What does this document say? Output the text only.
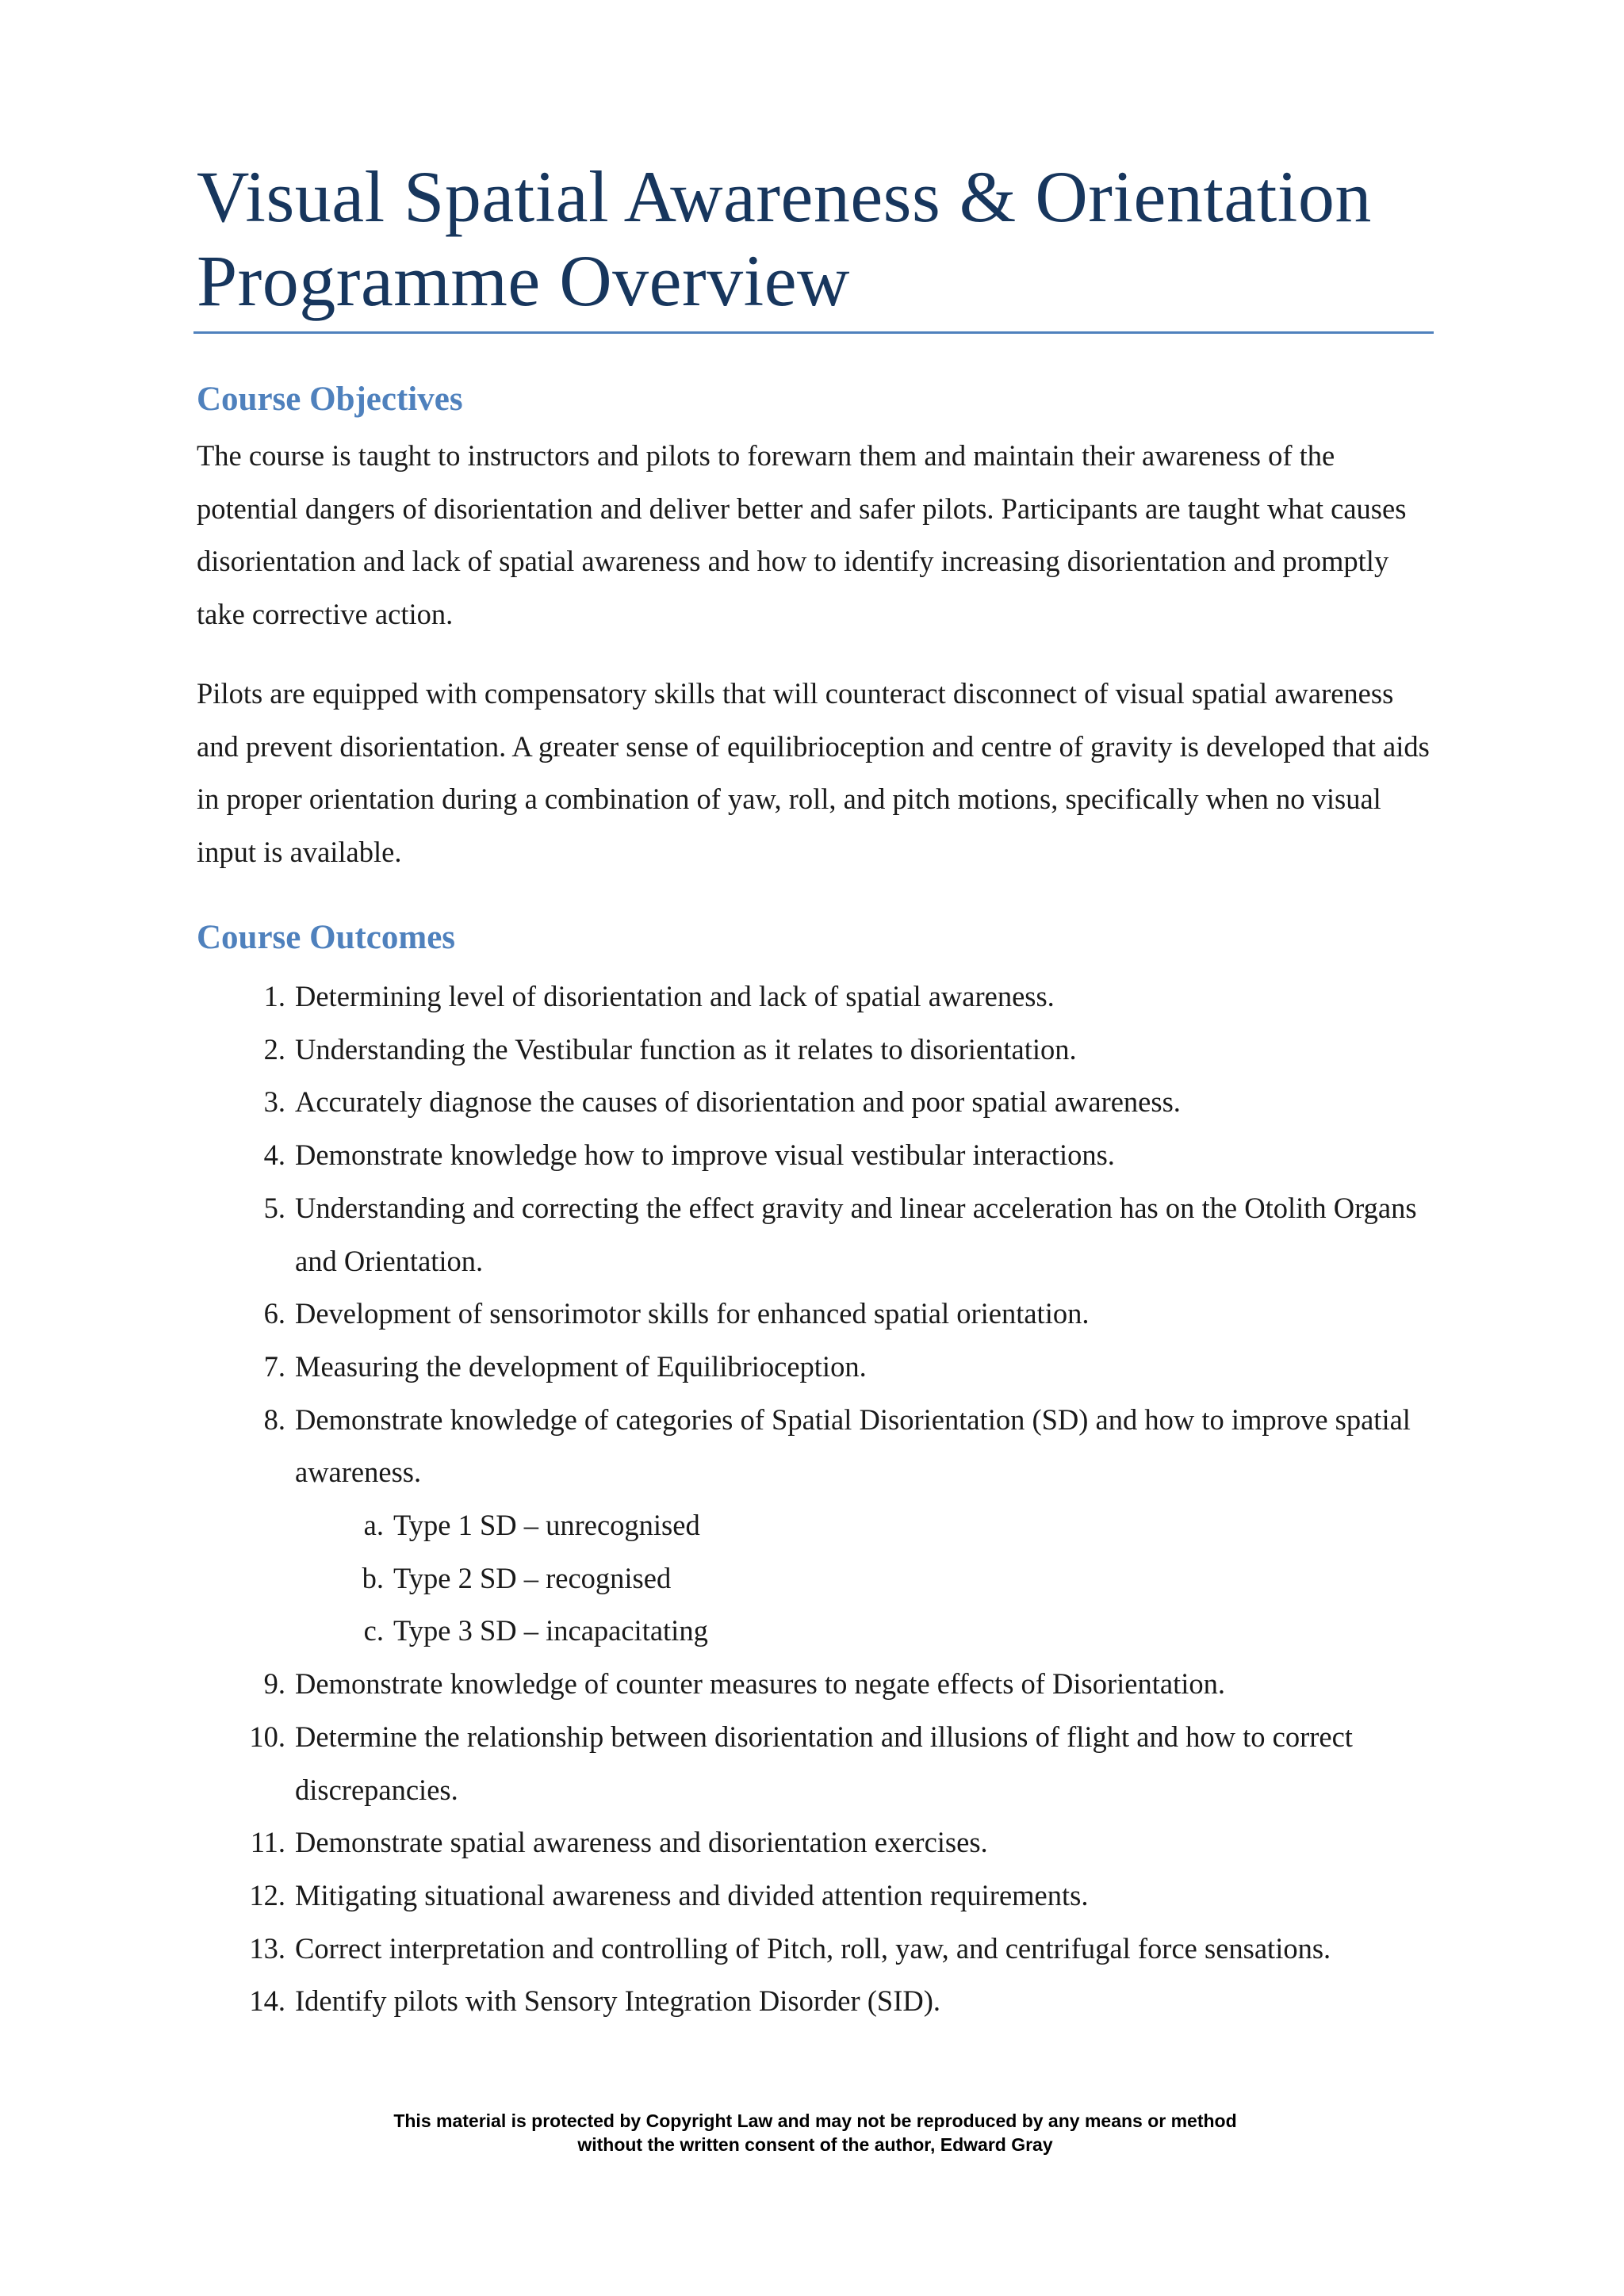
Visual Spatial Awareness & Orientation Programme Overview
Course Objectives

The course is taught to instructors and pilots to forewarn them and maintain their awareness of the potential dangers of disorientation and deliver better and safer pilots. Participants are taught what causes disorientation and lack of spatial awareness and how to identify increasing disorientation and promptly take corrective action.

Pilots are equipped with compensatory skills that will counteract disconnect of visual spatial awareness and prevent disorientation. A greater sense of equilibrioception and centre of gravity is developed that aids in proper orientation during a combination of yaw, roll, and pitch motions, specifically when no visual input is available.

Course Outcomes
1. Determining level of disorientation and lack of spatial awareness.
2. Understanding the Vestibular function as it relates to disorientation.
3. Accurately diagnose the causes of disorientation and poor spatial awareness.
4. Demonstrate knowledge how to improve visual vestibular interactions.
5. Understanding and correcting the effect gravity and linear acceleration has on the Otolith Organs and Orientation.
6. Development of sensorimotor skills for enhanced spatial orientation.
7. Measuring the development of Equilibrioception.
8. Demonstrate knowledge of categories of Spatial Disorientation (SD) and how to improve spatial awareness.
a. Type 1 SD – unrecognised
b. Type 2 SD – recognised
c. Type 3 SD – incapacitating
9. Demonstrate knowledge of counter measures to negate effects of Disorientation.
10. Determine the relationship between disorientation and illusions of flight and how to correct discrepancies.
11. Demonstrate spatial awareness and disorientation exercises.
12. Mitigating situational awareness and divided attention requirements.
13. Correct interpretation and controlling of Pitch, roll, yaw, and centrifugal force sensations.
14. Identify pilots with Sensory Integration Disorder (SID).
This material is protected by Copyright Law and may not be reproduced by any means or method
without the written consent of the author, Edward Gray
